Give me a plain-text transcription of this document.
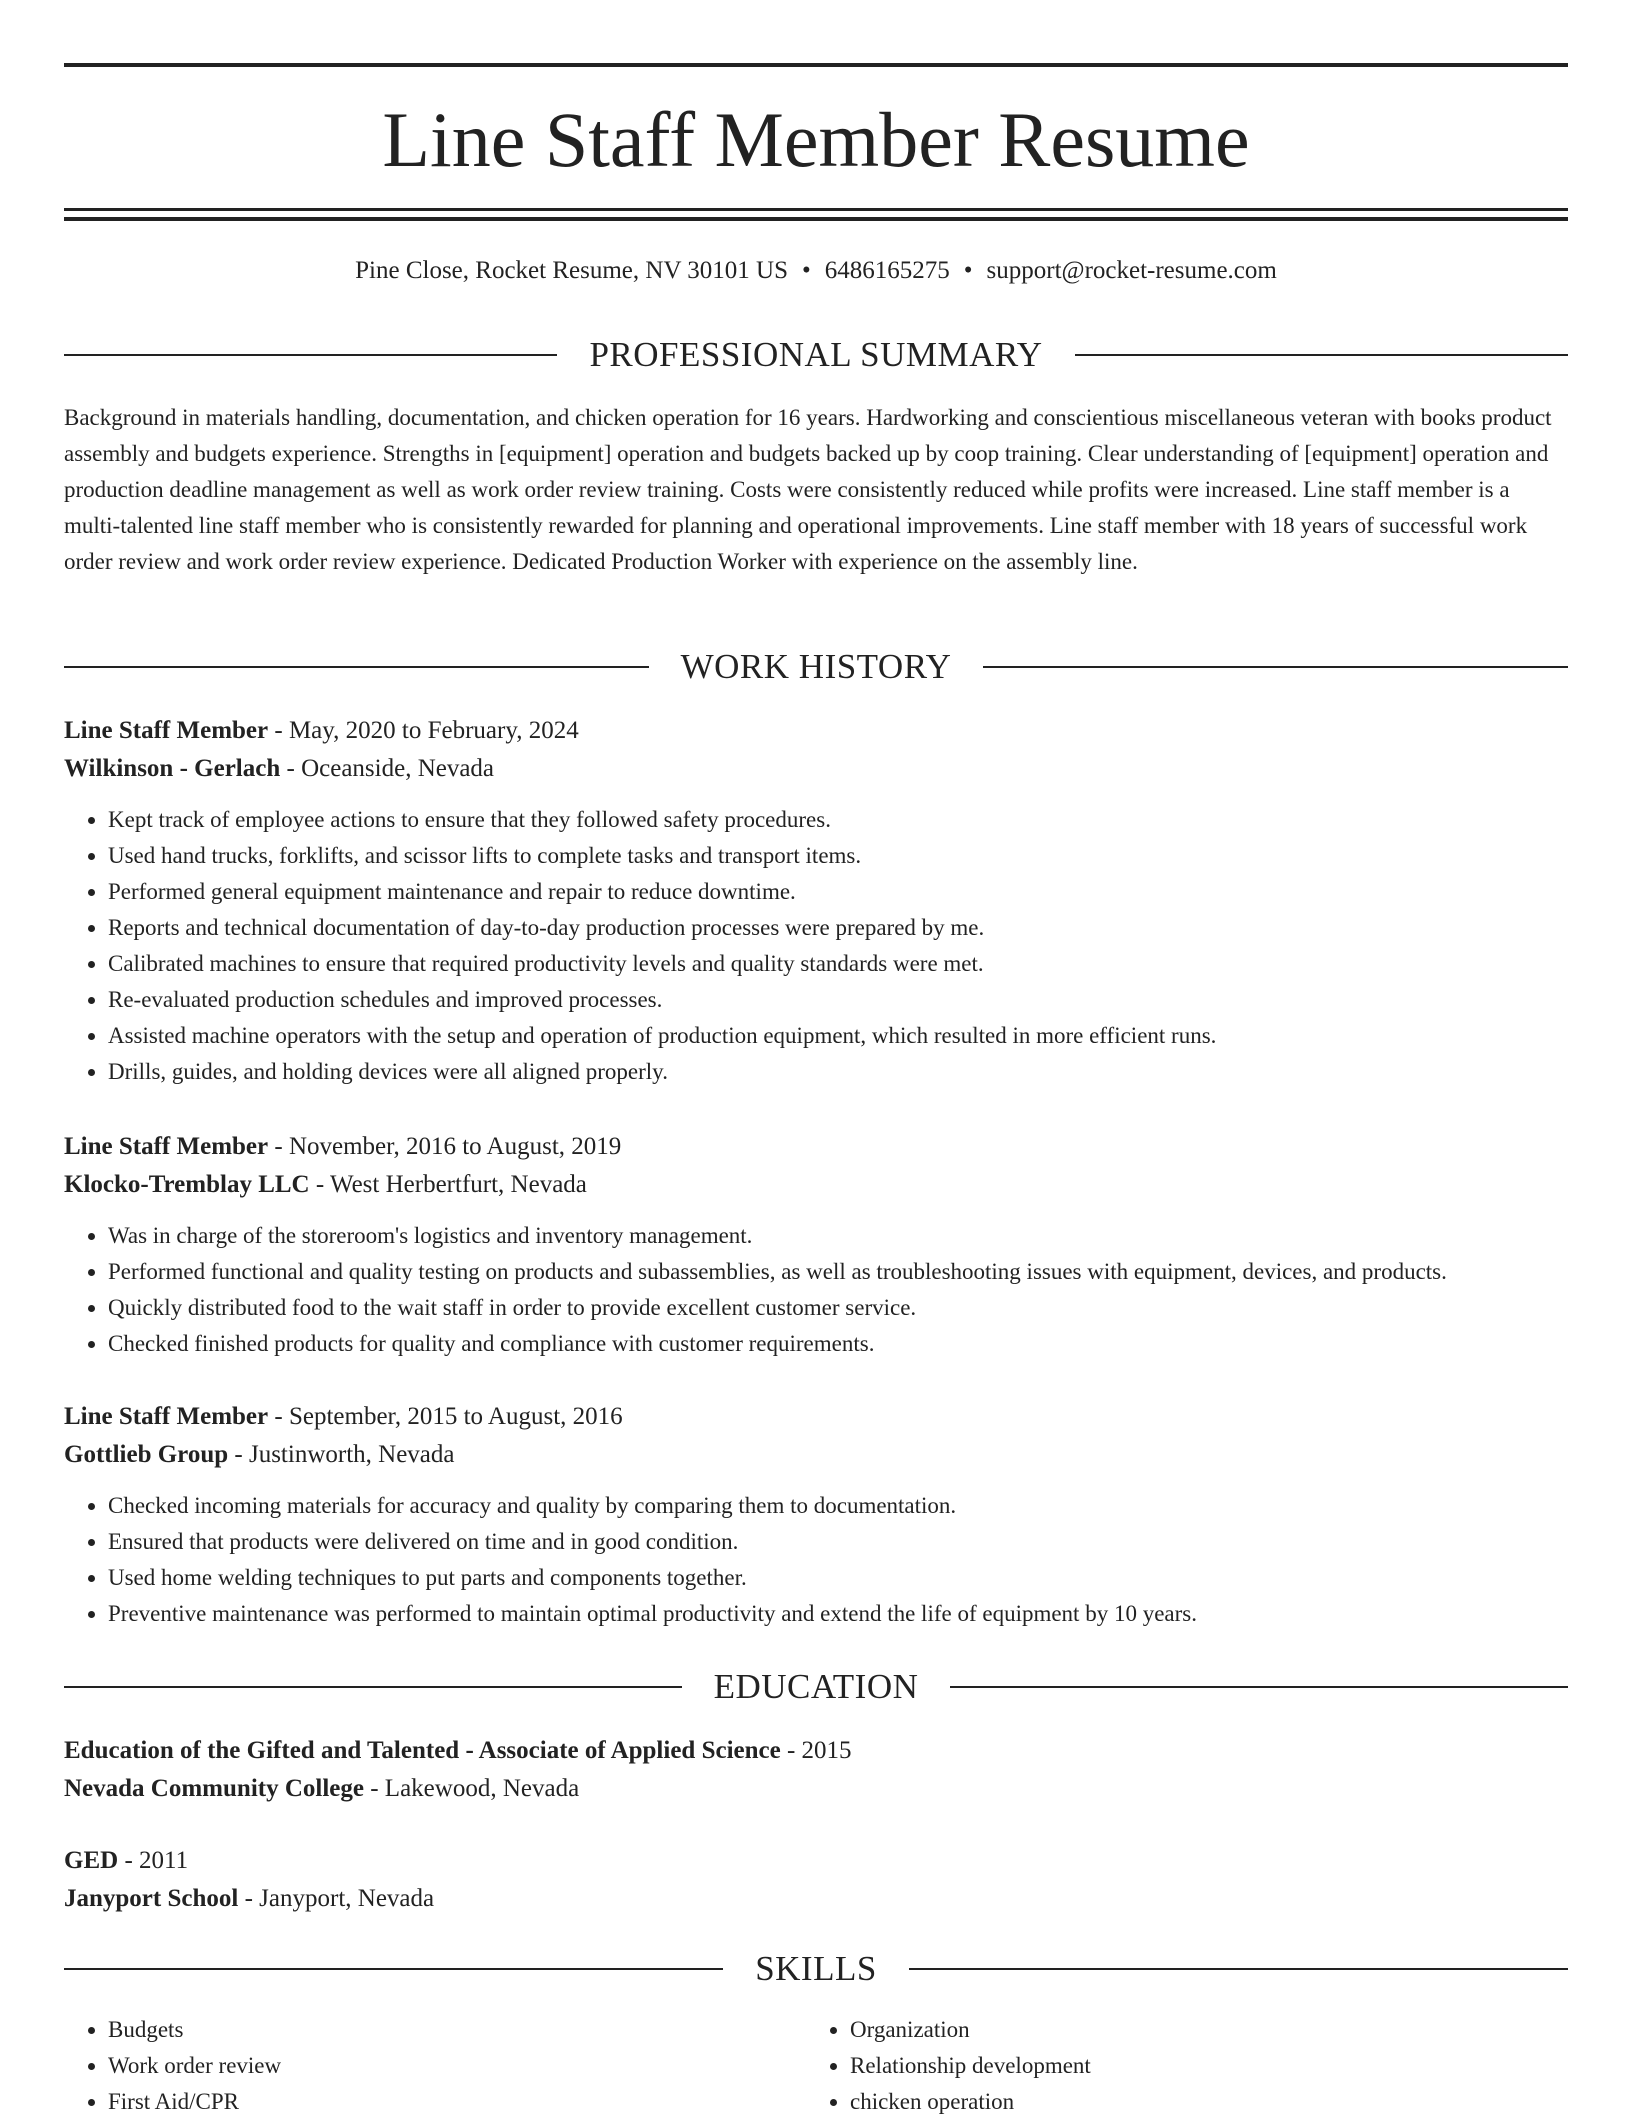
Line Staff Member Resume
Pine Close, Rocket Resume, NV 30101 US • 6486165275 • support@rocket-resume.com
PROFESSIONAL SUMMARY

Background in materials handling, documentation, and chicken operation for 16 years. Hardworking and conscientious miscellaneous veteran with books product assembly and budgets experience. Strengths in [equipment] operation and budgets backed up by coop training. Clear understanding of [equipment] operation and production deadline management as well as work order review training. Costs were consistently reduced while profits were increased. Line staff member is a multi-talented line staff member who is consistently rewarded for planning and operational improvements. Line staff member with 18 years of successful work order review and work order review experience. Dedicated Production Worker with experience on the assembly line.

WORK HISTORY
Line Staff Member - May, 2020 to February, 2024
Wilkinson - Gerlach - Oceanside, Nevada
• Kept track of employee actions to ensure that they followed safety procedures.
• Used hand trucks, forklifts, and scissor lifts to complete tasks and transport items.
• Performed general equipment maintenance and repair to reduce downtime.
• Reports and technical documentation of day-to-day production processes were prepared by me.
• Calibrated machines to ensure that required productivity levels and quality standards were met.
• Re-evaluated production schedules and improved processes.
• Assisted machine operators with the setup and operation of production equipment, which resulted in more efficient runs.
• Drills, guides, and holding devices were all aligned properly.
Line Staff Member - November, 2016 to August, 2019
Klocko-Tremblay LLC - West Herbertfurt, Nevada
• Was in charge of the storeroom's logistics and inventory management.
• Performed functional and quality testing on products and subassemblies, as well as troubleshooting issues with equipment, devices, and products.
• Quickly distributed food to the wait staff in order to provide excellent customer service.
• Checked finished products for quality and compliance with customer requirements.
Line Staff Member - September, 2015 to August, 2016
Gottlieb Group - Justinworth, Nevada
• Checked incoming materials for accuracy and quality by comparing them to documentation.
• Ensured that products were delivered on time and in good condition.
• Used home welding techniques to put parts and components together.
• Preventive maintenance was performed to maintain optimal productivity and extend the life of equipment by 10 years.
EDUCATION
Education of the Gifted and Talented - Associate of Applied Science - 2015
Nevada Community College - Lakewood, Nevada
GED - 2011
Janyport School - Janyport, Nevada
SKILLS
• Budgets
• Work order review
• First Aid/CPR
• Organization
• Relationship development
• chicken operation
